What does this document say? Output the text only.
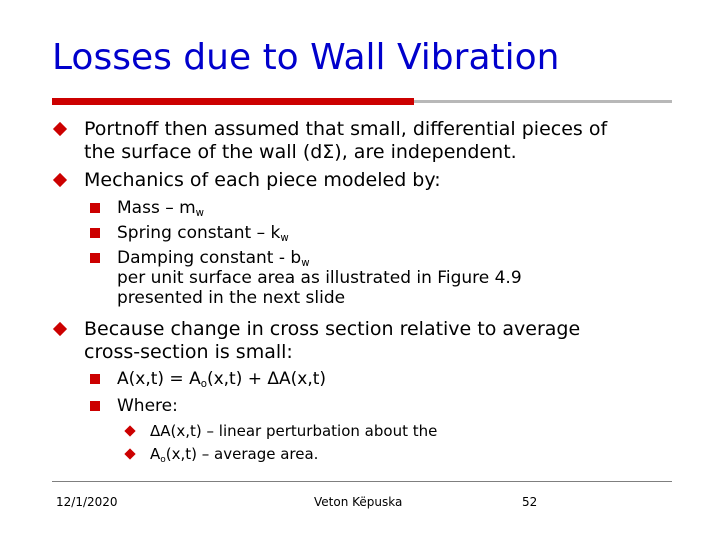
Losses due to Wall Vibration
Portnoff then assumed that small, differential pieces of
the surface of the wall (dΣ), are independent.
Mechanics of each piece modeled by:
Mass – $m_w$
Spring constant – $k_w$
Damping constant - $b_w$
per unit surface area as illustrated in Figure 4.9
presented in the next slide
Because change in cross section relative to average
cross-section is small:
$A(x,t) = A_o(x,t) + \Delta A(x,t)$
Where:
ΔA(x,t) – linear perturbation about the
$A_o(x,t)$ – average area.
12/1/2020	Veton Këpuska	52
